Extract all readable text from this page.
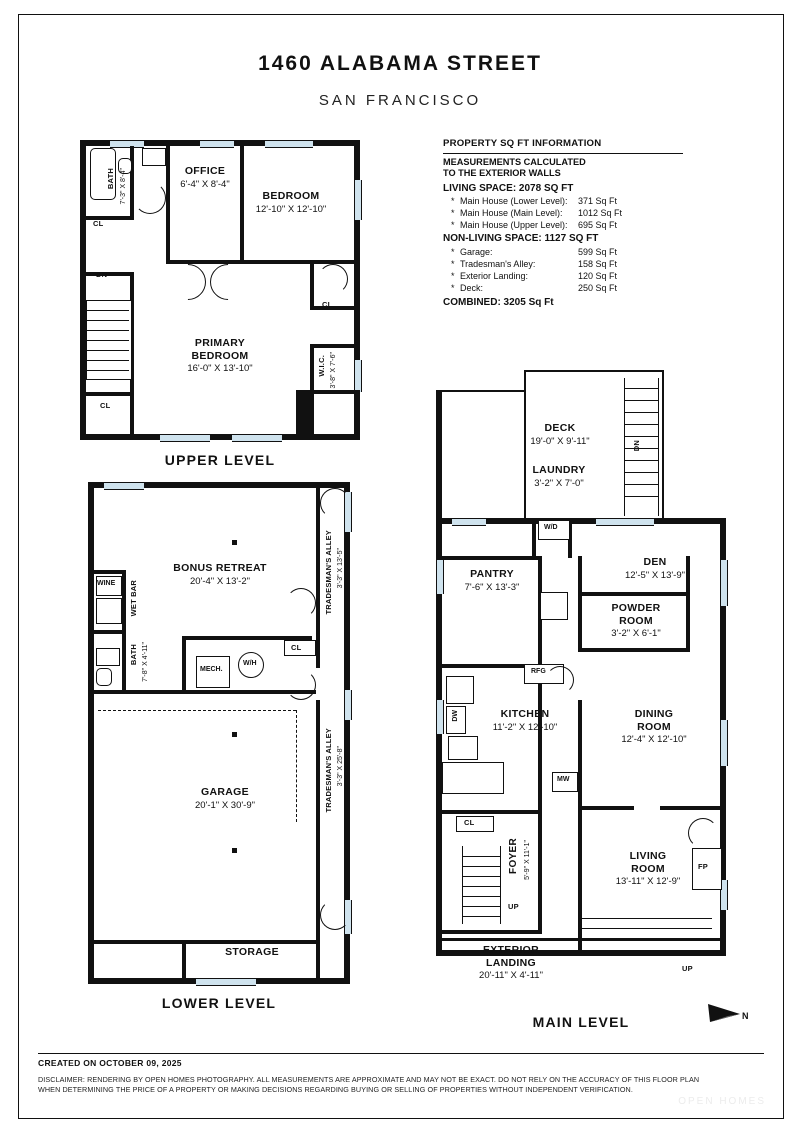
1460 ALABAMA STREET
SAN FRANCISCO
PROPERTY SQ FT INFORMATION
MEASUREMENTS CALCULATED
TO THE EXTERIOR WALLS
LIVING SPACE: 2078 SQ FT
* Main House (Lower Level): 371 Sq Ft
* Main House (Main Level): 1012 Sq Ft
* Main House (Upper Level): 695 Sq Ft
NON-LIVING SPACE: 1127 SQ FT
* Garage:	599 Sq Ft
* Tradesman's Alley:	158 Sq Ft
* Exterior Landing:	120 Sq Ft
* Deck:	250 Sq Ft
COMBINED: 3205 Sq Ft
OFFICE
6'-4" X 8'-4"
BEDROOM
12'-10" X 12'-10"
PRIMARY
BEDROOM
16'-0" X 13'-10"
BATH 7'-3" X 8'-4"
W.I.C. 3'-8" X 7'-6"
CL
CL
CL
DN
UPPER LEVEL
BONUS RETREAT
20'-4" X 13'-2"
GARAGE
20'-1" X 30'-9"
BATH 7'-8" X 4'-11"
STORAGE
TRADESMAN'S ALLEY 3'-3" X 13'-5"
TRADESMAN'S ALLEY 3'-3" X 25'-8"
WINE WET BAR
MECH.
W/H
CL
LOWER LEVEL
DN
W/D
RFG
DW
MW
CL
FP
UP
UP
DECK
19'-0" X 9'-11"
LAUNDRY
3'-2" X 7'-0"
PANTRY
7'-6" X 13'-3"
DEN
12'-5" X 13'-9"
POWDER
ROOM
3'-2" X 6'-1"
KITCHEN
11'-2" X 12'-10"
DINING
ROOM
12'-4" X 12'-10"
LIVING
ROOM
13'-11" X 12'-9"
FOYER 5'-9" X 11'-1"
EXTERIOR
LANDING
20'-11" X 4'-11"
MAIN LEVEL	N
CREATED ON OCTOBER 09, 2025
DISCLAIMER: RENDERING BY OPEN HOMES PHOTOGRAPHY. ALL MEASUREMENTS ARE APPROXIMATE AND MAY NOT BE EXACT. DO NOT RELY ON THE ACCURACY OF THIS FLOOR PLAN
WHEN DETERMINING THE PRICE OF A PROPERTY OR MAKING DECISIONS REGARDING BUYING OR SELLING OF PROPERTIES WITHOUT INDEPENDENT VERIFICATION.
OPEN HOMES
